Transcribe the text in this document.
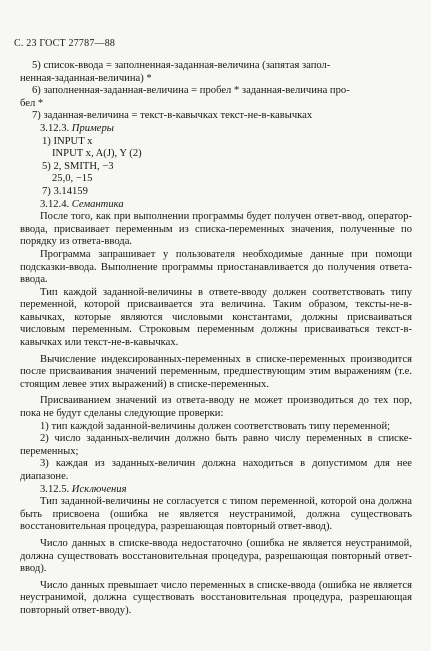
С. 23 ГОСТ 27787—88

5) список-ввода = заполненная-заданная-величина (запятая запол-

ненная-заданная-величина) *

6) заполненная-заданная-величина = пробел * заданная-величина про-

бел *

7) заданная-величина = текст-в-кавычках текст-не-в-кавычках

3.12.3. Примеры

1) INPUT x

INPUT x, A(J), Y (2)

5) 2, SMITH, −3

25,0, −15

7) 3.14159

3.12.4. Семантика

После того, как при выполнении программы будет получен ответ-ввод, оператор-ввода, присваивает переменным из списка-переменных значения, полученные по порядку из ответа-ввода.

Программа запрашивает у пользователя необходимые данные при помощи подсказки-ввода. Выполнение программы приостанавливается до получения ответа-ввода.

Тип каждой заданной-величины в ответе-вводу должен соответствовать типу переменной, которой присваивается эта величина. Таким образом, тексты-не-в-кавычках, которые являются числовыми константами, должны присваиваться числовым переменным. Строковым переменным должны присваиваться текст-в-кавычках или текст-не-в-кавычках.

Вычисление индексированных-переменных в списке-переменных производится после присваивания значений переменным, предшествующим этим выражениям (т.е. стоящим левее этих выражений) в списке-переменных.

Присваиванием значений из ответа-вводу не может производиться до тех пор, пока не будут сделаны следующие проверки:

1) тип каждой заданной-величины должен соответствовать типу переменной;

2) число заданных-величин должно быть равно числу переменных в списке-переменных;

3) каждая из заданных-величин должна находиться в допустимом для нее диапазоне.

3.12.5. Исключения

Тип заданной-величины не согласуется с типом переменной, которой она должна быть присвоена (ошибка не является неустранимой, должна существовать восстановительная процедура, разрешающая повторный ответ-ввод).

Число данных в списке-ввода недостаточно (ошибка не является неустранимой, должна существовать восстановительная процедура, разрешающая повторный ответ-ввод).

Число данных превышает число переменных в списке-ввода (ошибка не является неустранимой, должна существовать восстановительная процедура, разрешающая повторный ответ-вводу).
